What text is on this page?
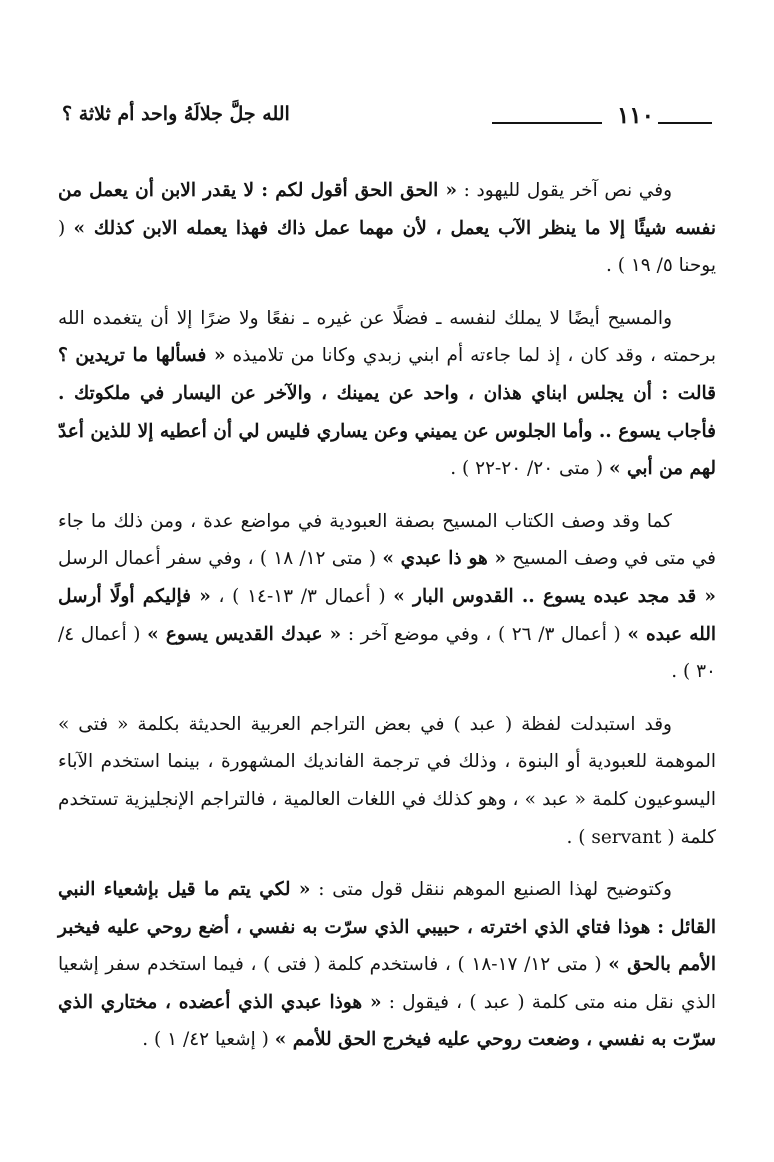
١١٠
الله جلَّ جلالَهُ واحد أم ثلاثة ؟

وفي نص آخر يقول لليهود : « الحق الحق أقول لكم : لا يقدر الابن أن يعمل من نفسه شيئًا إلا ما ينظر الآب يعمل ، لأن مهما عمل ذاك فهذا يعمله الابن كذلك » ( يوحنا ٥/ ١٩ ) .

والمسيح أيضًا لا يملك لنفسه ـ فضلًا عن غيره ـ نفعًا ولا ضرًا إلا أن يتغمده الله برحمته ، وقد كان ، إذ لما جاءته أم ابني زبدي وكانا من تلاميذه « فسألها ما تريدين ؟ قالت : أن يجلس ابناي هذان ، واحد عن يمينك ، والآخر عن اليسار في ملكوتك . فأجاب يسوع .. وأما الجلوس عن يميني وعن يساري فليس لي أن أعطيه إلا للذين أعدّ لهم من أبي » ( متى ٢٠/ ٢٠-٢٢ ) .

كما وقد وصف الكتاب المسيح بصفة العبودية في مواضع عدة ، ومن ذلك ما جاء في متى في وصف المسيح « هو ذا عبدي » ( متى ١٢/ ١٨ ) ، وفي سفر أعمال الرسل « قد مجد عبده يسوع .. القدوس البار » ( أعمال ٣/ ١٣-١٤ ) ، « فإليكم أولًا أرسل الله عبده » ( أعمال ٣/ ٢٦ ) ، وفي موضع آخر : « عبدك القديس يسوع » ( أعمال ٤/ ٣٠ ) .

وقد استبدلت لفظة ( عبد ) في بعض التراجم العربية الحديثة بكلمة « فتى » الموهمة للعبودية أو البنوة ، وذلك في ترجمة الفانديك المشهورة ، بينما استخدم الآباء اليسوعيون كلمة « عبد » ، وهو كذلك في اللغات العالمية ، فالتراجم الإنجليزية تستخدم كلمة ( servant ) .

وكتوضيح لهذا الصنيع الموهم ننقل قول متى : « لكي يتم ما قيل بإشعياء النبي القائل : هوذا فتاي الذي اخترته ، حبيبي الذي سرّت به نفسي ، أضع روحي عليه فيخبر الأمم بالحق » ( متى ١٢/ ١٧-١٨ ) ، فاستخدم كلمة ( فتى ) ، فيما استخدم سفر إشعيا الذي نقل منه متى كلمة ( عبد ) ، فيقول : « هوذا عبدي الذي أعضده ، مختاري الذي سرّت به نفسي ، وضعت روحي عليه فيخرج الحق للأمم » ( إشعيا ٤٢/ ١ ) .
